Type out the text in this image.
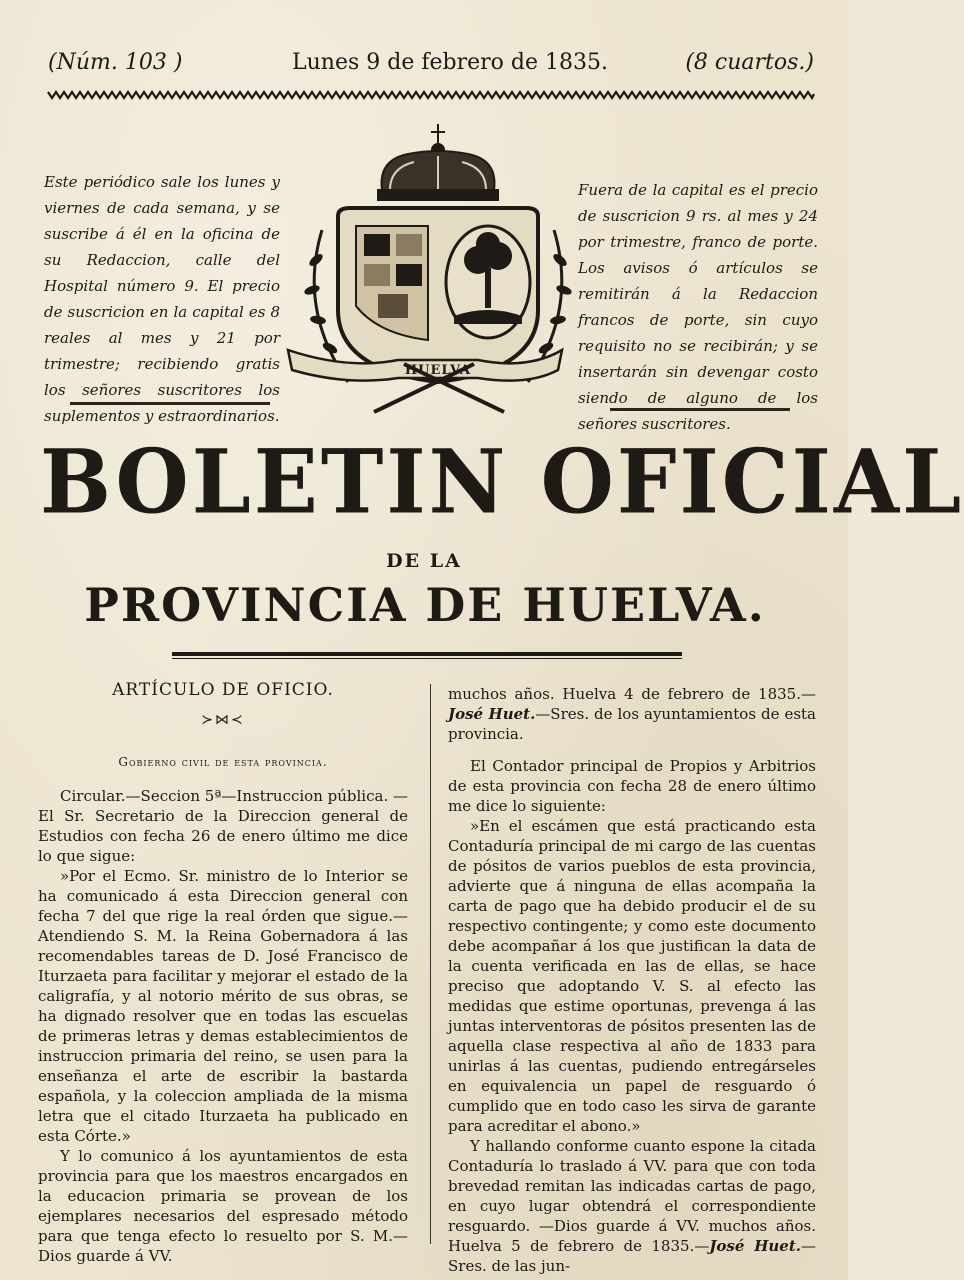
(Núm. 103 )	Lunes 9 de febrero de 1835.	(8 cuartos.)

Este periódico sale los lunes y viernes de cada semana, y se suscribe á él en la oficina de su Redaccion, calle del Hospital número 9. El precio de suscricion en la capital es 8 reales al mes y 21 por trimestre; recibiendo gratis los señores suscritores los suplementos y estraordinarios.

Fuera de la capital es el precio de suscricion 9 rs. al mes y 24 por trimestre, franco de porte. Los avisos ó artículos se remitirán á la Redaccion francos de porte, sin cuyo requisito no se recibirán; y se insertarán sin devengar costo siendo de alguno de los señores suscritores.

HUELVA
BOLETIN OFICIAL
DE LA
PROVINCIA DE HUELVA.

ARTÍCULO DE OFICIO.

≻⋈≺

Gobierno civil de esta provincia.

Circular.—Seccion 5ª—Instruccion pública. —El Sr. Secretario de la Direccion general de Estudios con fecha 26 de enero último me dice lo que sigue:

»Por el Ecmo. Sr. ministro de lo Interior se ha comunicado á esta Direccion general con fecha 7 del que rige la real órden que sigue.—Atendiendo S. M. la Reina Gobernadora á las recomendables tareas de D. José Francisco de Iturzaeta para facilitar y mejorar el estado de la caligrafía, y al notorio mérito de sus obras, se ha dignado resolver que en todas las escuelas de primeras letras y demas establecimientos de instruccion primaria del reino, se usen para la enseñanza el arte de escribir la bastarda española, y la coleccion ampliada de la misma letra que el citado Iturzaeta ha publicado en esta Córte.»

Y lo comunico á los ayuntamientos de esta provincia para que los maestros encargados en la educacion primaria se provean de los ejemplares necesarios del espresado método para que tenga efecto lo resuelto por S. M.—Dios guarde á VV.

muchos años. Huelva 4 de febrero de 1835.—José Huet.—Sres. de los ayuntamientos de esta provincia.

El Contador principal de Propios y Arbitrios de esta provincia con fecha 28 de enero último me dice lo siguiente:

»En el escámen que está practicando esta Contaduría principal de mi cargo de las cuentas de pósitos de varios pueblos de esta provincia, advierte que á ninguna de ellas acompaña la carta de pago que ha debido producir el de su respectivo contingente; y como este documento debe acompañar á los que justifican la data de la cuenta verificada en las de ellas, se hace preciso que adoptando V. S. al efecto las medidas que estime oportunas, prevenga á las juntas interventoras de pósitos presenten las de aquella clase respectiva al año de 1833 para unirlas á las cuentas, pudiendo entregárseles en equivalencia un papel de resguardo ó cumplido que en todo caso les sirva de garante para acreditar el abono.»

Y hallando conforme cuanto espone la citada Contaduría lo traslado á VV. para que con toda brevedad remitan las indicadas cartas de pago, en cuyo lugar obtendrá el correspondiente resguardo. —Dios guarde á VV. muchos años. Huelva 5 de febrero de 1835.—José Huet.—Sres. de las jun-
